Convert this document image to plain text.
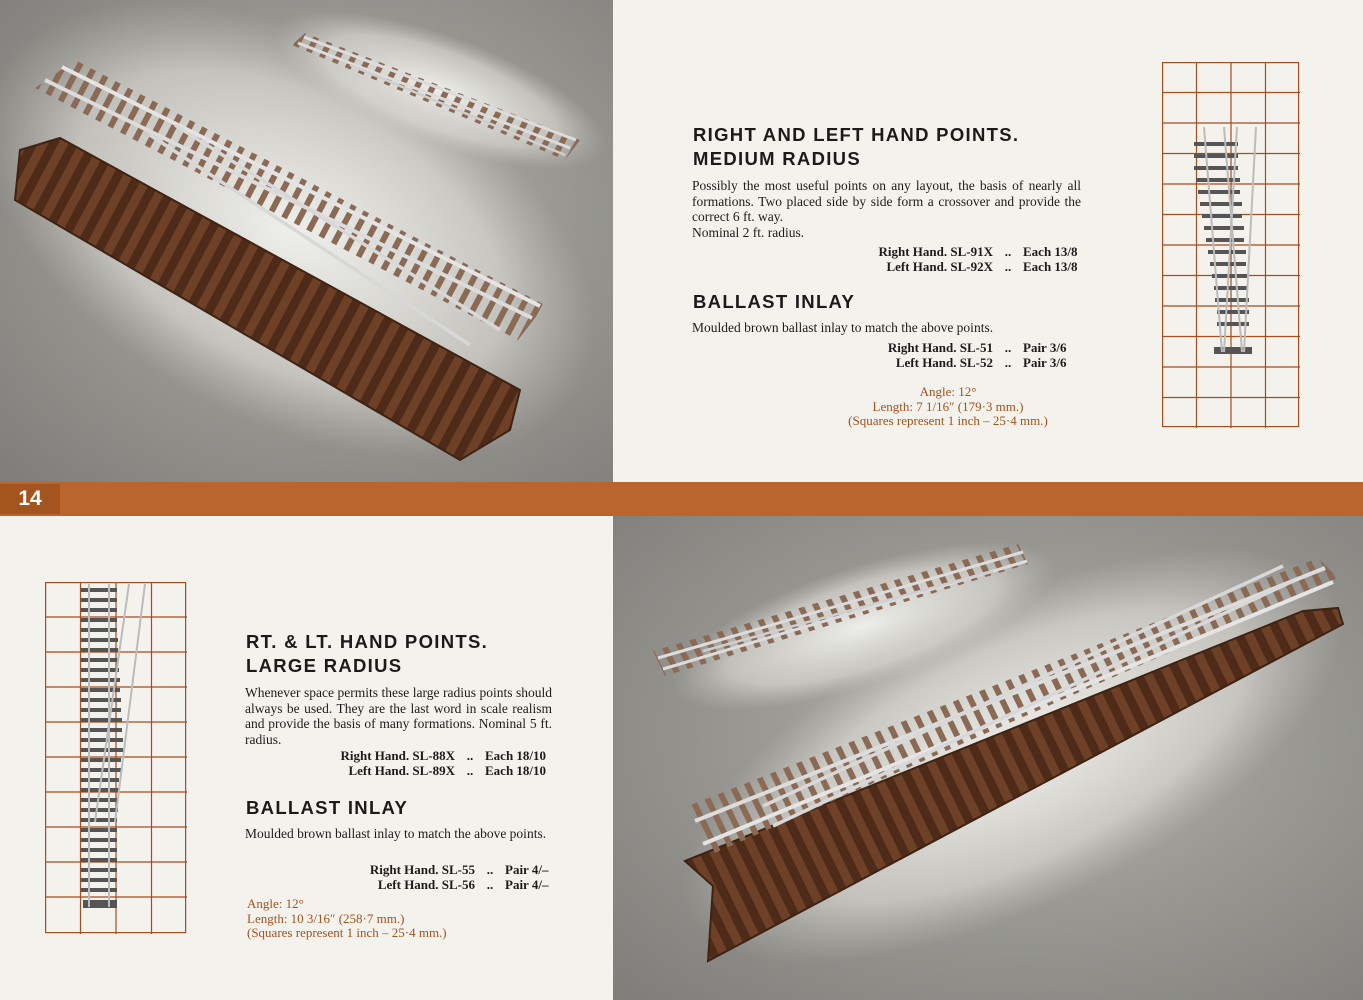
RIGHT AND LEFT HAND POINTS.
MEDIUM RADIUS
Possibly the most useful points on any layout, the basis of nearly all formations. Two placed side by side form a crossover and provide the correct 6 ft. way.
Nominal 2 ft. radius.
Right Hand. SL-91X .. Each 13/8
Left Hand. SL-92X .. Each 13/8
BALLAST INLAY
Moulded brown ballast inlay to match the above points.
Right Hand. SL-51 .. Pair 3/6
Left Hand. SL-52 .. Pair 3/6
Angle: 12°
Length: 7 1/16″ (179·3 mm.)
(Squares represent 1 inch – 25·4 mm.)
14
RT. & LT. HAND POINTS.
LARGE RADIUS
Whenever space permits these large radius points should always be used. They are the last word in scale realism and provide the basis of many formations. Nominal 5 ft. radius.
Right Hand. SL-88X .. Each 18/10
Left Hand. SL-89X .. Each 18/10
BALLAST INLAY
Moulded brown ballast inlay to match the above points.
Right Hand. SL-55 .. Pair 4/–
Left Hand. SL-56 .. Pair 4/–
Angle: 12°
Length: 10 3/16″ (258·7 mm.)
(Squares represent 1 inch – 25·4 mm.)
